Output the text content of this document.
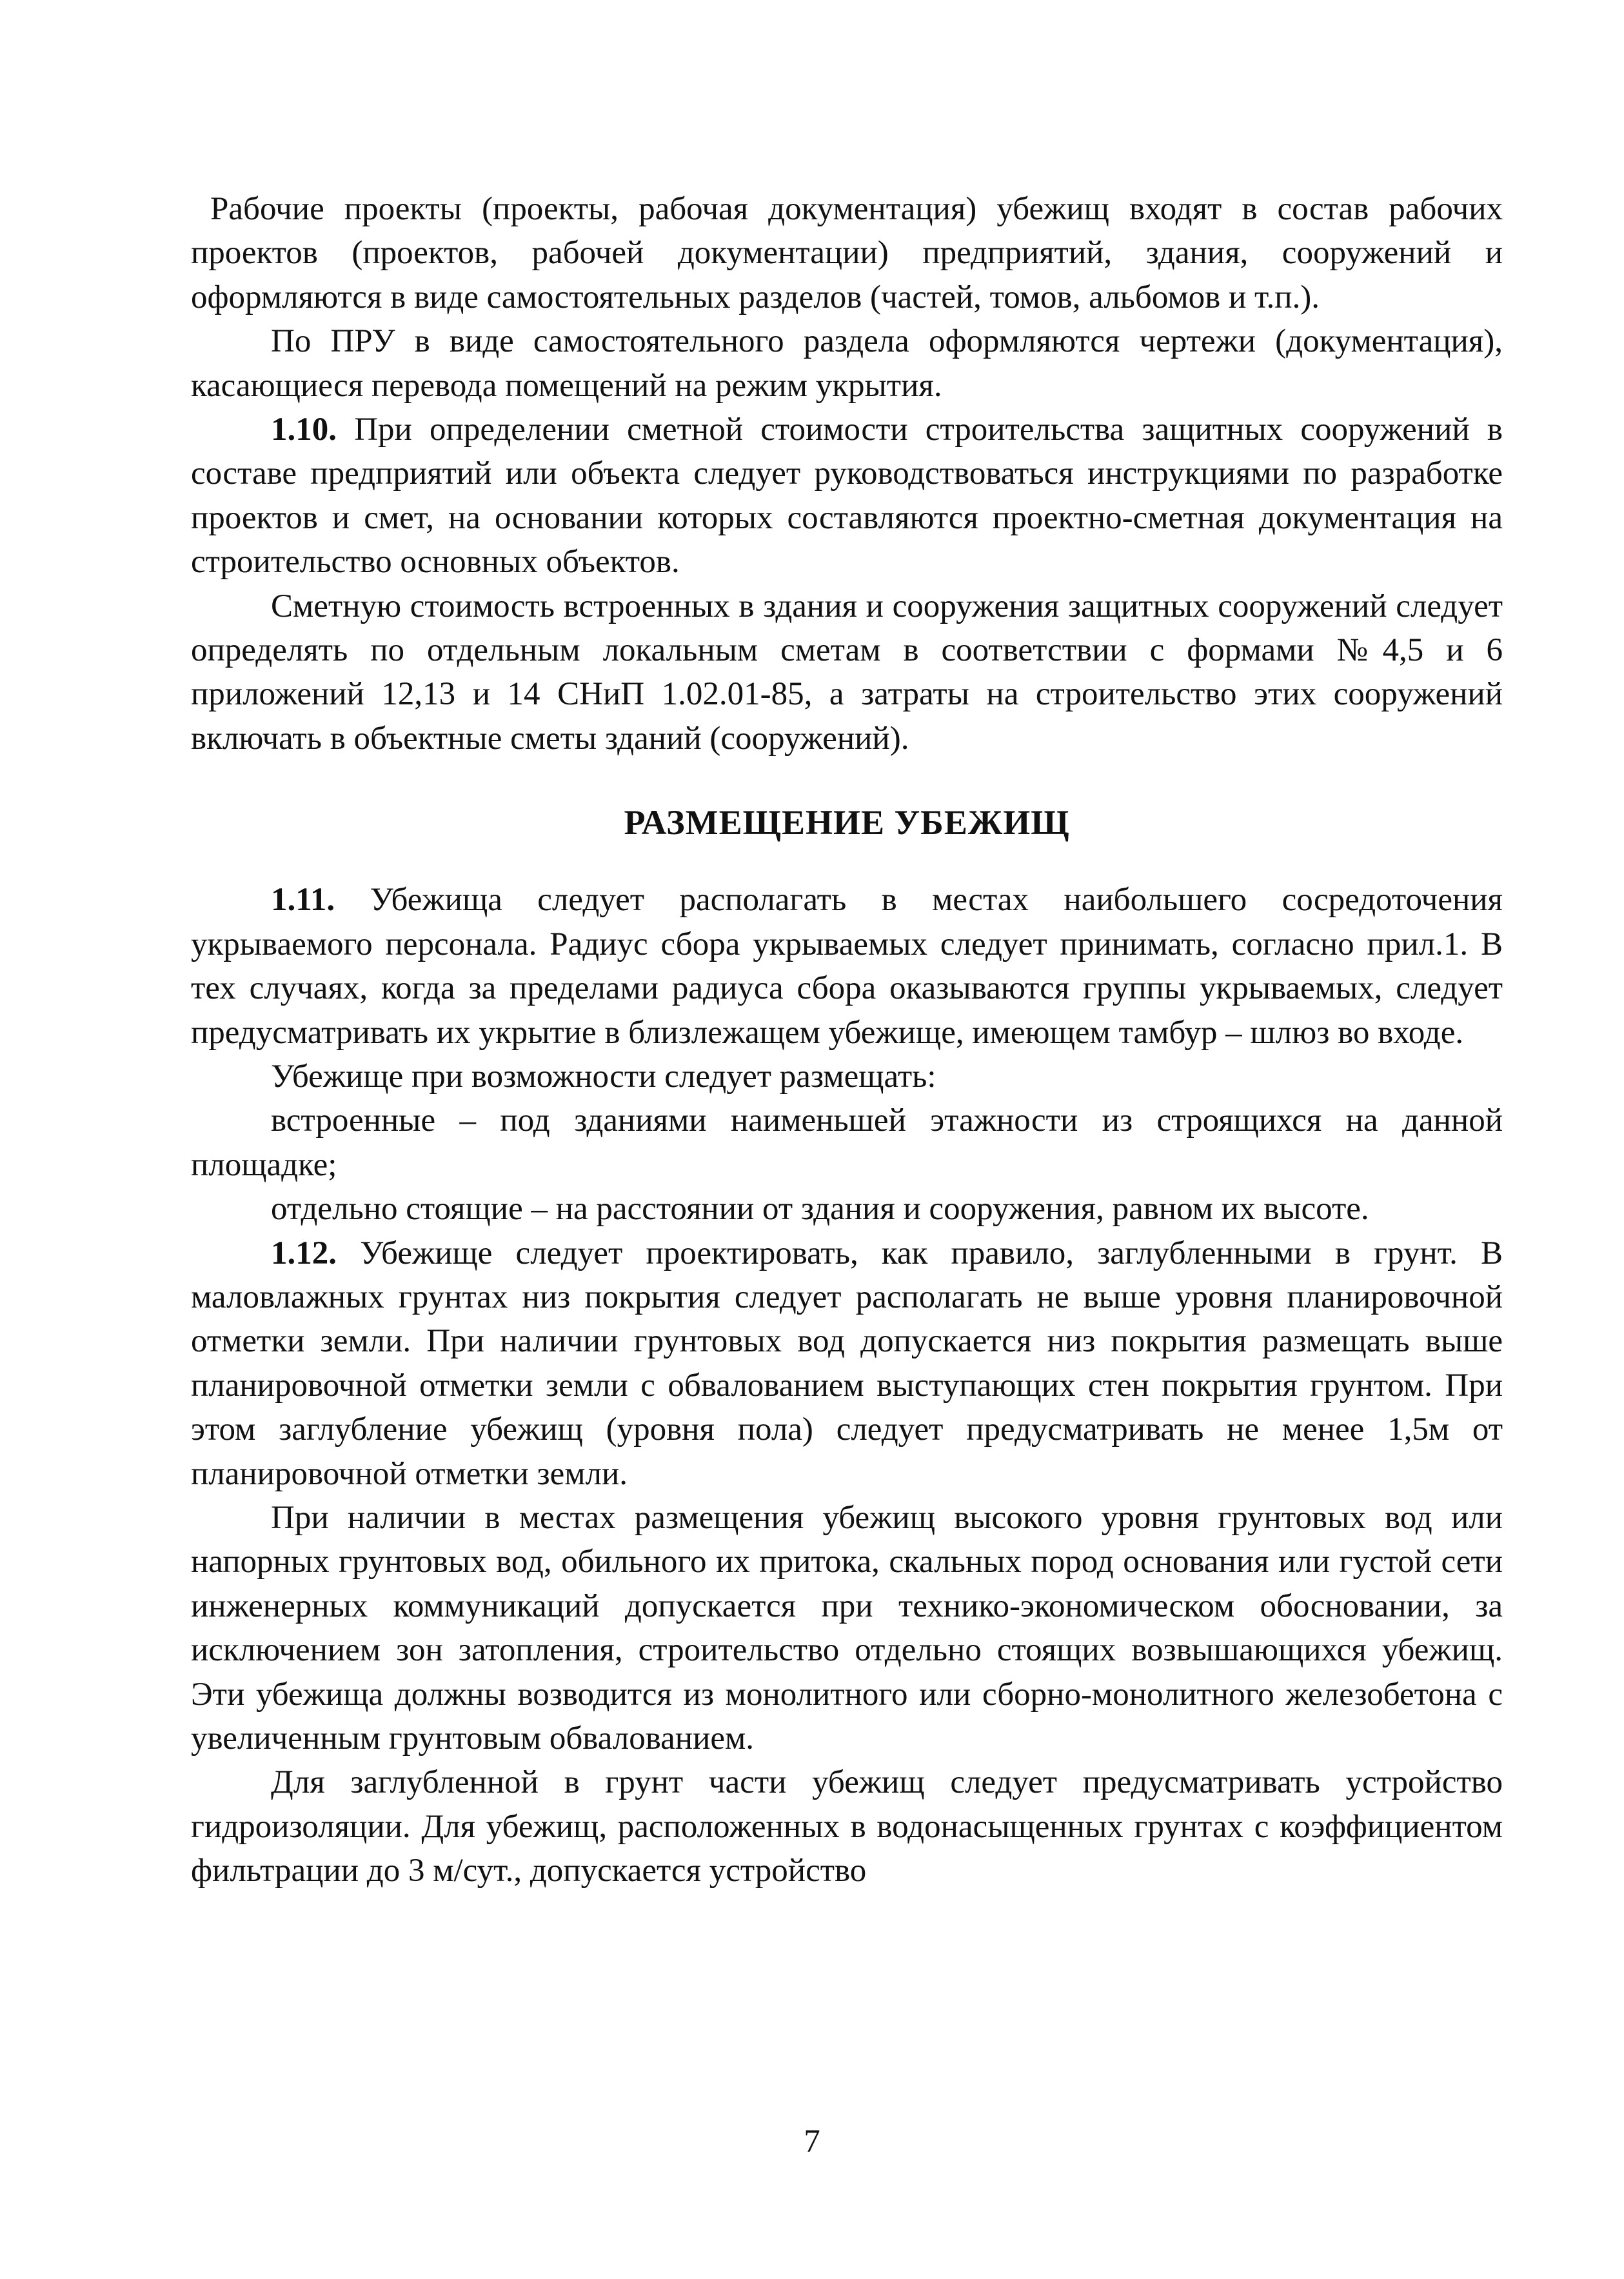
Рабочие проекты (проекты, рабочая документация) убежищ входят в состав рабочих проектов (проектов, рабочей документации) предприятий, здания, сооружений и оформляются в виде самостоятельных разделов (частей, томов, альбомов и т.п.).

По ПРУ в виде самостоятельного раздела оформляются чертежи (документация), касающиеся перевода помещений на режим укрытия.

1.10. При определении сметной стоимости строительства защитных сооружений в составе предприятий или объекта следует руководствоваться инструкциями по разработке проектов и смет, на основании которых составляются проектно-сметная документация на строительство основных объектов.

Сметную стоимость встроенных в здания и сооружения защитных сооружений следует определять по отдельным локальным сметам в соответствии с формами №4,5 и 6 приложений 12,13 и 14 СНиП 1.02.01-85, а затраты на строительство этих сооружений включать в объектные сметы зданий (сооружений).

РАЗМЕЩЕНИЕ УБЕЖИЩ

1.11. Убежища следует располагать в местах наибольшего сосредоточения укрываемого персонала. Радиус сбора укрываемых следует принимать, согласно прил.1. В тех случаях, когда за пределами радиуса сбора оказываются группы укрываемых, следует предусматривать их укрытие в близлежащем убежище, имеющем тамбур – шлюз во входе.

Убежище при возможности следует размещать:

встроенные – под зданиями наименьшей этажности из строящихся на данной площадке;

отдельно стоящие – на расстоянии от здания и сооружения, равном их высоте.

1.12. Убежище следует проектировать, как правило, заглубленными в грунт. В маловлажных грунтах низ покрытия следует располагать не выше уровня планировочной отметки земли. При наличии грунтовых вод допускается низ покрытия размещать выше планировочной отметки земли с обвалованием выступающих стен покрытия грунтом. При этом заглубление убежищ (уровня пола) следует предусматривать не менее 1,5м от планировочной отметки земли.

При наличии в местах размещения убежищ высокого уровня грунтовых вод или напорных грунтовых вод, обильного их притока, скальных пород основания или густой сети инженерных коммуникаций допускается при технико-экономическом обосновании, за исключением зон затопления, строительство отдельно стоящих возвышающихся убежищ. Эти убежища должны возводится из монолитного или сборно-монолитного железобетона с увеличенным грунтовым обвалованием.

Для заглубленной в грунт части убежищ следует предусматривать устройство гидроизоляции. Для убежищ, расположенных в водонасыщенных грунтах с коэффициентом фильтрации до 3 м/сут., допускается устройство

7
